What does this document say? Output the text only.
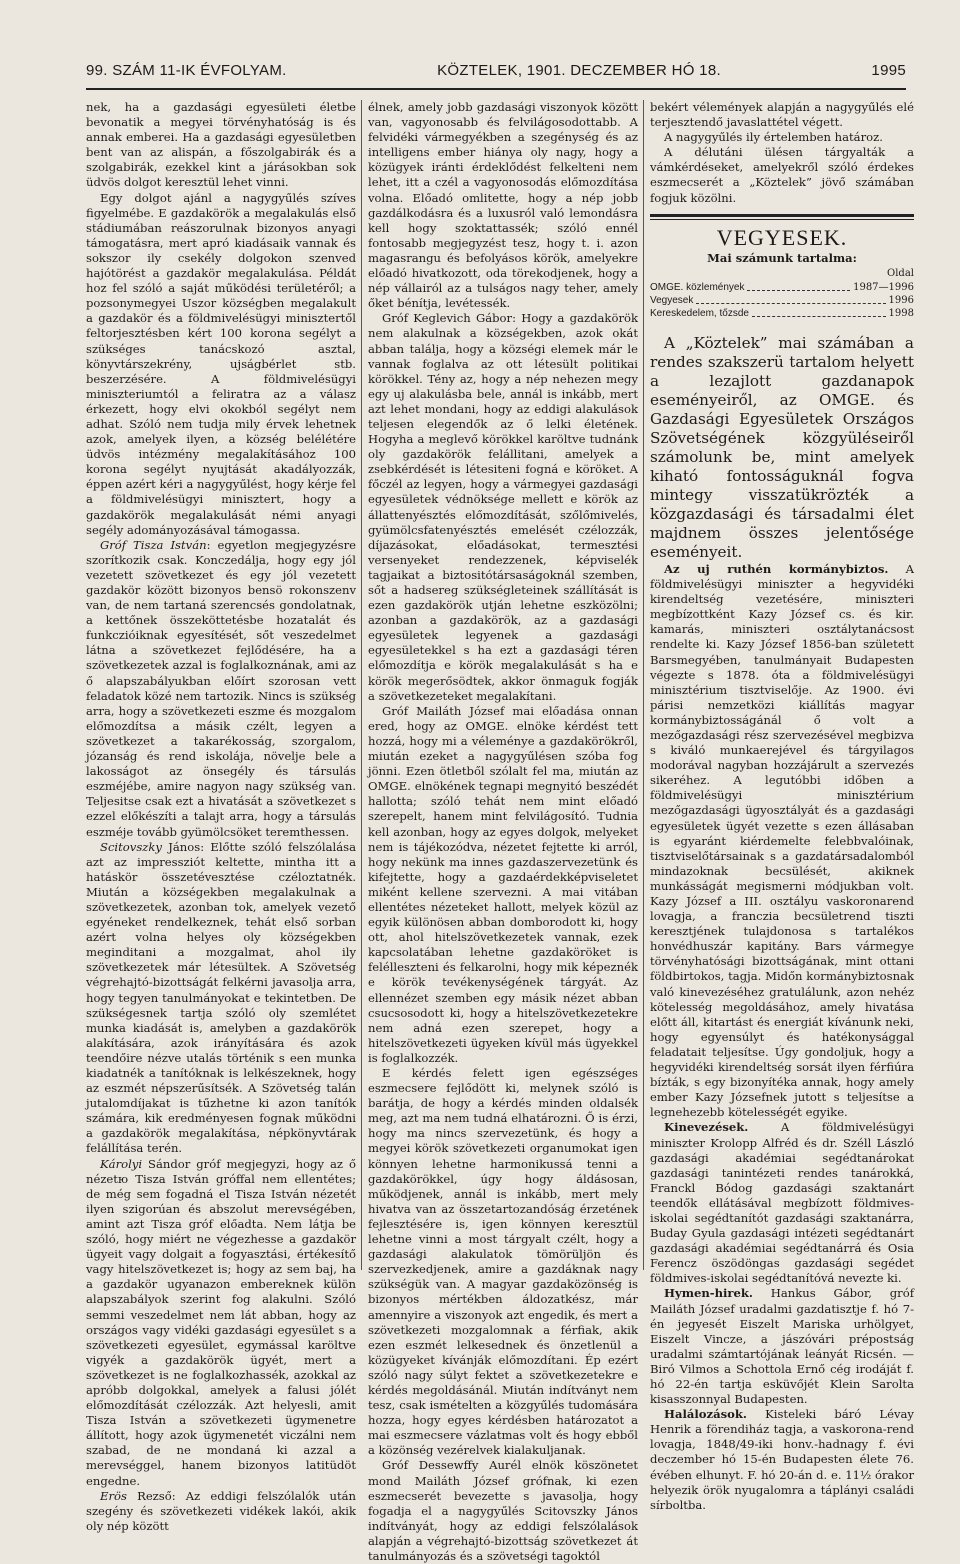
99. SZÁM 11-IK ÉVFOLYAM.	KÖZTELEK, 1901. DECZEMBER HÓ 18.	1995

nek, ha a gazdasági egyesületi életbe bevonatik a megyei törvényhatóság is és annak emberei. Ha a gazdasági egyesületben bent van az alispán, a főszolgabirák és a szolgabirák, ezekkel kint a járásokban sok üdvös dolgot keresztül lehet vinni.

Egy dolgot ajánl a nagygyűlés szíves figyelmébe. E gazdakörök a megalakulás első stádiumában reászorulnak bizonyos anyagi támogatásra, mert apró kiadásaik vannak és sokszor ily csekély dolgokon szenved hajótörést a gazdakör megalakulása. Példát hoz fel szóló a saját működési területéről; a pozsonymegyei Uszor községben megalakult a gazdakör és a földmivelésügyi minisztertől feltorjesztésben kért 100 korona segélyt a szükséges tanácskozó asztal, könyvtárszekrény, ujságbérlet stb. beszerzésére. A földmivelésügyi miniszteriumtól a feliratra az a válasz érkezett, hogy elvi okokból segélyt nem adhat. Szóló nem tudja mily érvek lehetnek azok, amelyek ilyen, a község belélétére üdvös intézmény megalakításához 100 korona segélyt nyujtását akadályozzák, éppen azért kéri a nagygyűlést, hogy kérje fel a földmivelésügyi minisztert, hogy a gazdakörök megalakulását némi anyagi segély adományozásával támogassa.

Gróf Tisza István: egyetlon megjegyzésre szorítkozik csak. Konczedálja, hogy egy jól vezetett szövetkezet és egy jól vezetett gazdakör között bizonyos bensö rokonszenv van, de nem tartaná szerencsés gondolatnak, a kettőnek összeköttetésbe hozatalát és funkczióiknak egyesítését, sőt veszedelmet látna a szövetkezet fejlődésére, ha a szövetkezetek azzal is foglalkoznának, ami az ő alapszabályukban előírt szorosan vett feladatok közé nem tartozik. Nincs is szükség arra, hogy a szövetkezeti eszme és mozgalom előmozdítsa a másik czélt, legyen a szövetkezet a takarékosság, szorgalom, józanság és rend iskolája, növelje bele a lakosságot az önsegély és társulás eszméjébe, amire nagyon nagy szükség van. Teljesitse csak ezt a hivatását a szövetkezet s ezzel előkészíti a talajt arra, hogy a társulás eszméje tovább gyümölcsöket teremthessen.

Scitovszky János: Előtte szóló felszólalása azt az impressziót keltette, mintha itt a hatáskör összetévesztése czéloztatnék. Miután a községekben megalakulnak a szövetkezetek, azonban tok, amelyek vezető egyéneket rendelkeznek, tehát első sorban azért volna helyes oly községekben meginditani a mozgalmat, ahol ily szövetkezetek már létesültek. A Szövetség végrehajtó-bizottságát felkérni javasolja arra, hogy tegyen tanulmányokat e tekintetben. De szükségesnek tartja szóló oly szemlétet munka kiadását is, amelyben a gazdakörök alakítására, azok irányítására és azok teendőire nézve utalás történik s een munka kiadatnék a tanítóknak is lelkészeknek, hogy az eszmét népszerűsítsék. A Szövetség talán jutalomdíjakat is tűzhetne ki azon tanítók számára, kik eredményesen fognak működni a gazdakörök megalakítása, népkönyvtárak felállítása terén.

Károlyi Sándor gróf megjegyzi, hogy az ő nézetю Tisza István gróffal nem ellentétes; de még sem fogadná el Tisza István nézetét ilyen szigorúan és abszolut merevségében, amint azt Tisza gróf előadta. Nem látja be szóló, hogy miért ne végezhesse a gazdakör ügyeit vagy dolgait a fogyasztási, értékesítő vagy hitelszövetkezet is; hogy az sem baj, ha a gazdakör ugyanazon embereknek külön alapszabályok szerint fog alakulni. Szóló semmi veszedelmet nem lát abban, hogy az országos vagy vidéki gazdasági egyesület s a szövetkezeti egyesület, egymással karöltve vigyék a gazdakörök ügyét, mert a szövetkezet is ne foglalkozhassék, azokkal az apróbb dolgokkal, amelyek a falusi jólét előmozdítását czélozzák. Azt helyesli, amit Tisza István a szövetkezeti ügymenetre állított, hogy azok ügymenetét viczálni nem szabad, de ne mondaná ki azzal a merevséggel, hanem bizonyos latitüdöt engedne.

Erös Rezső: Az eddigi felszólalók után szegény és szövetkezeti vidékek lakói, akik oly nép között

élnek, amely jobb gazdasági viszonyok között van, vagyonosabb és felvilágosodottabb. A felvidéki vármegyékben a szegénység és az intelligens ember hiánya oly nagy, hogy a közügyek iránti érdeklődést felkelteni nem lehet, itt a czél a vagyonosodás előmozdítása volna. Előadó omlitette, hogy a nép jobb gazdálkodásra és a luxusról való lemondásra kell hogy szoktattassék; szóló ennél fontosabb megjegyzést tesz, hogy t. i. azon magasrangu és befolyásos körök, amelyekre előadó hivatkozott, oda törekodjenek, hogy a nép vállairól az a tulságos nagy teher, amely őket bénítja, levétessék.

Gróf Keglevich Gábor: Hogy a gazdakörök nem alakulnak a községekben, azok okát abban találja, hogy a községi elemek már le vannak foglalva az ott létesült politikai körökkel. Tény az, hogy a nép nehezen megy egy uj alakulásba bele, annál is inkább, mert azt lehet mondani, hogy az eddigi alakulások teljesen elegendők az ő lelki életének. Hogyha a meglevő körökkel karöltve tudnánk oly gazdakörök felállitani, amelyek a zsebkérdését is létesiteni fogná e köröket. A főczél az legyen, hogy a vármegyei gazdasági egyesületek védnöksége mellett e körök az állattenyésztés előmozdítását, szőlőmivelés, gyümölcsfatenyésztés emelését czélozzák, díjazásokat, előadásokat, termesztési versenyeket rendezzenek, képviselék tagjaikat a biztositótársaságoknál szemben, sőt a hadsereg szükségleteinek szállítását is ezen gazdakörök utján lehetne eszközölni; azonban a gazdakörök, az a gazdasági egyesületek legyenek a gazdasági egyesületekkel s ha ezt a gazdasági téren előmozdítja e körök megalakulását s ha e körök megerősödtek, akkor önmaguk fogják a szövetkezeteket megalakítani.

Gróf Mailáth József mai előadása onnan ered, hogy az OMGE. elnöke kérdést tett hozzá, hogy mi a véleménye a gazdakörökről, miután ezeket a nagygyűlésen szóba fog jönni. Ezen ötletből szólalt fel ma, miután az OMGE. elnökének tegnapi megnyitó beszédét hallotta; szóló tehát nem mint előadó szerepelt, hanem mint felvilágosító. Tudnia kell azonban, hogy az egyes dolgok, melyeket nem is tájékozódva, nézetet fejtette ki arról, hogy nekünk ma innes gazdaszervezetünk és kifejtette, hogy a gazdaérdekképviseletet miként kellene szervezni. A mai vitában ellentétes nézeteket hallott, melyek közül az egyik különösen abban domborodott ki, hogy ott, ahol hitelszövetkezetek vannak, ezek kapcsolatában lehetne gazdaköröket is felélleszteni és felkarolni, hogy mik képeznék e körök tevékenységének tárgyát. Az ellennézet szemben egy másik nézet abban csucsosodott ki, hogy a hitelszövetkezetekre nem adná ezen szerepet, hogy a hitelszövetkezeti ügyeken kívül más ügyekkel is foglalkozzék.

E kérdés felett igen egészséges eszmecsere fejlődött ki, melynek szóló is barátja, de hogy a kérdés minden oldalsék meg, azt ma nem tudná elhatározni. Ő is érzi, hogy ma nincs szervezetünk, és hogy a megyei körök szövetkezeti organumokat igen könnyen lehetne harmonikussá tenni a gazdakörökkel, úgy hogy áldásosan, működjenek, annál is inkább, mert mely hivatva van az összetartozandóság érzetének fejlesztésére is, igen könnyen keresztül lehetne vinni a most tárgyalt czélt, hogy a gazdasági alakulatok tömörüljön és szervezkedjenek, amire a gazdáknak nagy szükségük van. A magyar gazdaközönség is bizonyos mértékben áldozatkész, már amennyire a viszonyok azt engedik, és mert a szövetkezeti mozgalomnak a férfiak, akik ezen eszmét lelkesednek és önzetlenül a közügyeket kívánják előmozdítani. Ép ezért szóló nagy súlyt fektet a szövetkezetekre e kérdés megoldásánál. Miután indítványt nem tesz, csak ismételten a közgyűlés tudomására hozza, hogy egyes kérdésben határozatot a mai eszmecsere vázlatmas volt és hogy ebből a közönség vezérelvek kialakuljanak.

Gróf Dessewffy Aurél elnök köszönetet mond Mailáth József grófnak, ki ezen eszmecserét bevezette s javasolja, hogy fogadja el a nagygyűlés Scitovszky János indítványát, hogy az eddigi felszólalások alapján a végrehajtó-bizottság szövetkezet át tanulmányozás és a szövetségi tagoktól

bekért vélemények alapján a nagygyűlés elé terjesztendő javaslattétel végett.

A nagygyűlés ily értelemben határoz.

A délutáni ülésen tárgyalták a vámkérdéseket, amelyekről szóló érdekes eszmecserét a „Köztelek” jövő számában fogjuk közölni.

VEGYESEK.
Mai számunk tartalma:
Oldal
OMGE. közlemények	1987—1996
Vegyesek	1996
Kereskedelem, tőzsde	1998

A „Köztelek” mai számában a rendes szakszerü tartalom helyett a lezajlott gazdanapok eseményeiről, az OMGE. és Gazdasági Egyesületek Országos Szövetségének közgyüléseiről számolunk be, mint amelyek kiható fontosságuknál fogva mintegy visszatükrözték a közgazdasági és társadalmi élet majdnem összes jelentősége eseményeit.

Az uj ruthén kormánybiztos. A földmivelésügyi miniszter a hegyvidéki kirendeltség vezetésére, miniszteri megbízottként Kazy József cs. és kir. kamarás, miniszteri osztálytanácsost rendelte ki. Kazy József 1856-ban született Barsmegyében, tanulmányait Budapesten végezte s 1878. óta a földmivelésügyi minisztérium tisztviselője. Az 1900. évi párisi nemzetközi kiállítás magyar kormánybiztosságánál ő volt a mezőgazdasági rész szervezésével megbizva s kiváló munkaerejével és tárgyilagos modorával nagyban hozzájárult a szervezés sikeréhez. A legutóbbi időben a földmivelésügyi minisztérium mezőgazdasági ügyosztályát és a gazdasági egyesületek ügyét vezette s ezen állásaban is egyaránt kiérdemelte felebbvalóinak, tisztviselőtársainak s a gazdatársadalomból mindazoknak becsülését, akiknek munkásságát megismerni módjukban volt. Kazy József a III. osztályu vaskoronarend lovagja, a franczia becsületrend tiszti keresztjének tulajdonosa s tartalékos honvédhuszár kapitány. Bars vármegye törvényhatósági bizottságának, mint ottani földbirtokos, tagja. Midőn kormánybiztosnak való kinevezéséhez gratulálunk, azon nehéz kötelesség megoldásához, amely hivatása előtt áll, kitartást és energiát kívánunk neki, hogy egyensúlyt és hatékonysággal feladatait teljesítse. Úgy gondoljuk, hogy a hegyvidéki kirendeltség sorsát ilyen férfiúra bízták, s egy bizonyítéka annak, hogy amely ember Kazy Józsefnek jutott s teljesítse a legnehezebb kötelességét egyike.

Kinevezések. A földmivelésügyi miniszter Krolopp Alfréd és dr. Széll László gazdasági akadémiai segédtanárokat gazdasági tanintézeti rendes tanárokká, Franckl Bódog gazdasági szaktanárt teendők ellátásával megbízott földmives-iskolai segédtanítót gazdasági szaktanárra, Buday Gyula gazdasági intézeti segédtanárt gazdasági akadémiai segédtanárrá és Osia Ferencz öszödöngas gazdasági segédet földmives-iskolai segédtanítóvá nevezte ki.

Hymen-hirek. Hankus Gábor, gróf Mailáth József uradalmi gazdatisztje f. hó 7-én jegyesét Eiszelt Mariska urhölgyet, Eiszelt Vincze, a jászóvári prépostság uradalmi számtartójának leányát Ricsén. — Biró Vilmos a Schottola Ernő cég irodáját f. hó 22-én tartja esküvőjét Klein Sarolta kisasszonnyal Budapesten.

Halálozások. Kisteleki báró Lévay Henrik a förendiház tagja, a vaskorona-rend lovagja, 1848/49-iki honv.-hadnagy f. évi deczember hó 15-én Budapesten élete 76. évében elhunyt. F. hó 20-án d. e. 11½ órakor helyezik örök nyugalomra a táplányi családi sírboltba.
